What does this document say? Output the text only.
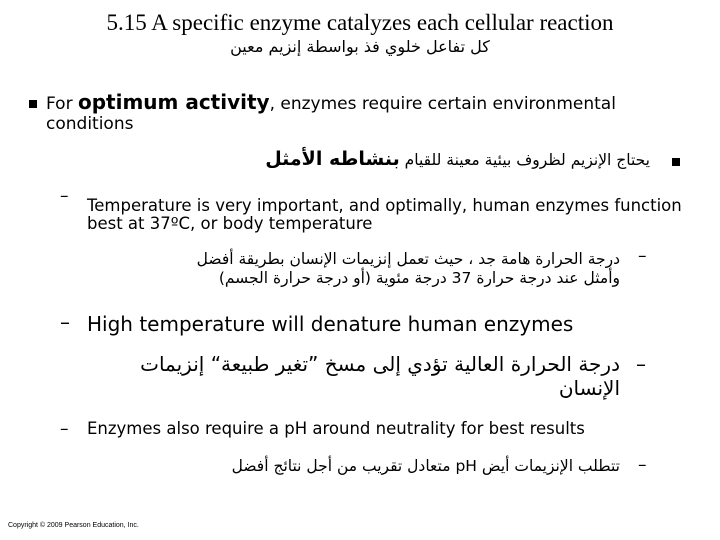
5.15 A specific enzyme catalyzes each cellular reaction
كل تفاعل خلوي فذ بواسطة إنزيم معين
For optimum activity, enzymes require certain environmental conditions
يحتاج الإنزيم لظروف بيئية معينة للقيام بنشاطه الأمثل
– Temperature is very important, and optimally, human enzymes function best at 37ºC, or body temperature
–
درجة الحرارة هامة جد ، حيث تعمل إنزيمات الإنسان بطريقة أفضل
وأمثل عند درجة حرارة 37 درجة مئوية (أو درجة حرارة الجسم)
– High temperature will denature human enzymes
–
درجة الحرارة العالية تؤدي إلى مسخ ”تغير طبيعة“ إنزيمات
الإنسان
– Enzymes also require a pH around neutrality for best results
–
تتطلب الإنزيمات أيض pH متعادل تقريب من أجل نتائج أفضل
Copyright © 2009 Pearson Education, Inc.
